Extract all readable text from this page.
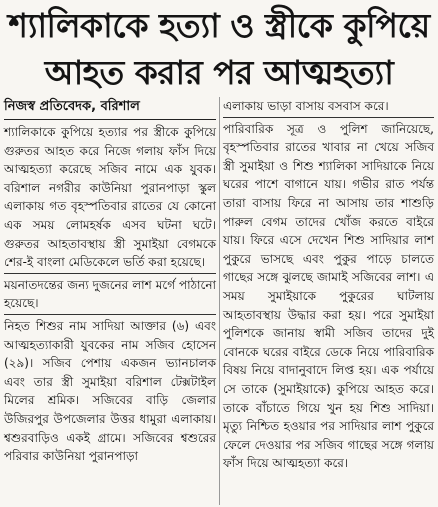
শ্যালিকাকে হত্যা ও স্ত্রীকে কুপিয়ে
আহত করার পর আত্মহত্যা
নিজস্ব প্রতিবেদক, বরিশাল
শ্যালিকাকে কুপিয়ে হত্যার পর স্ত্রীকে কুপিয়ে গুরুতর আহত করে নিজে গলায় ফাঁস দিয়ে আত্মহত্যা করেছে সজিব নামে এক যুবক। বরিশাল নগরীর কাউনিয়া পুরানপাড়া স্কুল এলাকায় গত বৃহস্পতিবার রাতের যে কোনো এক সময় লোমহর্ষক এসব ঘটনা ঘটে। গুরুতর আহতাবস্থায় স্ত্রী সুমাইয়া বেগমকে শের-ই বাংলা মেডিকেলে ভর্তি করা হয়েছে।
ময়নাতদন্তের জন্য দুজনের লাশ মর্গে পাঠানো হয়েছে।
নিহত শিশুর নাম সাদিয়া আক্তার (৬) এবং আত্মহত্যাকারী যুবকের নাম সজিব হোসেন (২৯)। সজিব পেশায় একজন ভ্যানচালক এবং তার স্ত্রী সুমাইয়া বরিশাল টেক্সটাইল মিলের শ্রমিক। সজিবের বাড়ি জেলার উজিরপুর উপজেলার উত্তর ধামুরা এলাকায়। শ্বশুরবাড়িও একই গ্রামে। সজিবের শ্বশুরের পরিবার কাউনিয়া পুরানপাড়া
এলাকায় ভাড়া বাসায় বসবাস করে।
পারিবারিক সূত্র ও পুলিশ জানিয়েছে, বৃহস্পতিবার রাতের খাবার না খেয়ে সজিব স্ত্রী সুমাইয়া ও শিশু শ্যালিকা সাদিয়াকে নিয়ে ঘরের পাশে বাগানে যায়। গভীর রাত পর্যন্ত তারা বাসায় ফিরে না আসায় তার শাশুড়ি পারুল বেগম তাদের খোঁজ করতে বাইরে যায়। ফিরে এসে দেখেন শিশু সাদিয়ার লাশ পুকুরে ভাসছে এবং পুকুর পাড়ে চালতে গাছের সঙ্গে ঝুলছে জামাই সজিবের লাশ। এ সময় সুমাইয়াকে পুকুরের ঘাটলায় আহতাবস্থায় উদ্ধার করা হয়। পরে সুমাইয়া পুলিশকে জানায় স্বামী সজিব তাদের দুই বোনকে ঘরের বাইরে ডেকে নিয়ে পারিবারিক বিষয় নিয়ে বাদানুবাদে লিপ্ত হয়। এক পর্যায়ে সে তাকে (সুমাইয়াকে) কুপিয়ে আহত করে। তাকে বাঁচাতে গিয়ে খুন হয় শিশু সাদিয়া। মৃত্যু নিশ্চিত হওয়ার পর সাদিয়ার লাশ পুকুরে ফেলে দেওয়ার পর সজিব গাছের সঙ্গে গলায় ফাঁস দিয়ে আত্মহত্যা করে।
